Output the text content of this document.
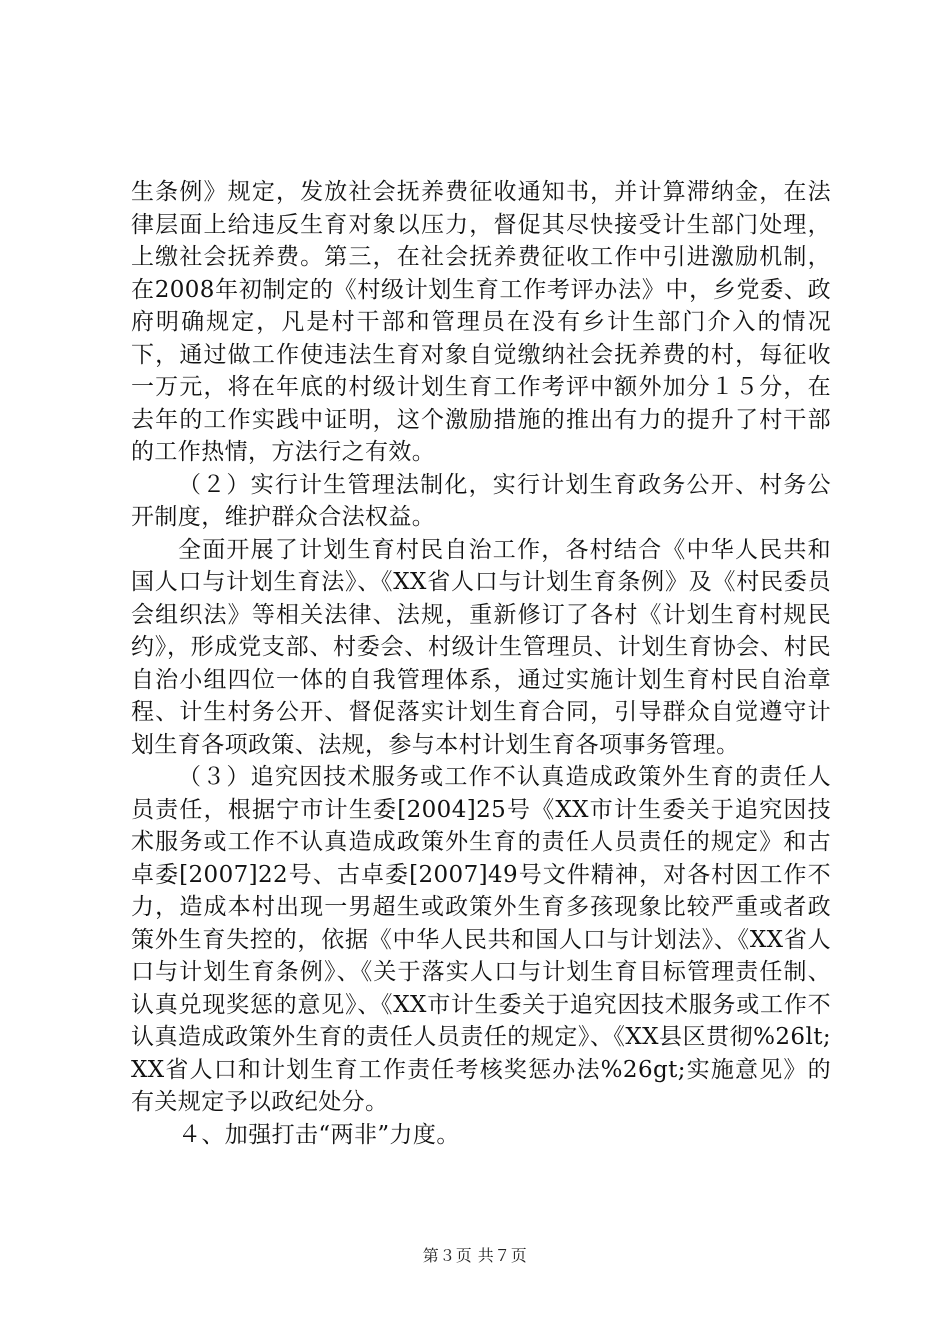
生条例》规定，发放社会抚养费征收通知书，并计算滞纳金，在法律层面上给违反生育对象以压力，督促其尽快接受计生部门处理，上缴社会抚养费。第三，在社会抚养费征收工作中引进激励机制，在2008年初制定的《村级计划生育工作考评办法》中，乡党委、政府明确规定，凡是村干部和管理员在没有乡计生部门介入的情况下，通过做工作使违法生育对象自觉缴纳社会抚养费的村，每征收一万元，将在年底的村级计划生育工作考评中额外加分１５分，在去年的工作实践中证明，这个激励措施的推出有力的提升了村干部的工作热情，方法行之有效。

（２）实行计生管理法制化，实行计划生育政务公开、村务公开制度，维护群众合法权益。

全面开展了计划生育村民自治工作，各村结合《中华人民共和国人口与计划生育法》、《XX省人口与计划生育条例》及《村民委员会组织法》等相关法律、法规，重新修订了各村《计划生育村规民约》，形成党支部、村委会、村级计生管理员、计划生育协会、村民自治小组四位一体的自我管理体系，通过实施计划生育村民自治章程、计生村务公开、督促落实计划生育合同，引导群众自觉遵守计划生育各项政策、法规，参与本村计划生育各项事务管理。

（３）追究因技术服务或工作不认真造成政策外生育的责任人员责任，根据宁市计生委[2004]25号《XX市计生委关于追究因技术服务或工作不认真造成政策外生育的责任人员责任的规定》和古卓委[2007]22号、古卓委[2007]49号文件精神，对各村因工作不力，造成本村出现一男超生或政策外生育多孩现象比较严重或者政策外生育失控的，依据《中华人民共和国人口与计划法》、《XX省人口与计划生育条例》、《关于落实人口与计划生育目标管理责任制、认真兑现奖惩的意见》、《XX市计生委关于追究因技术服务或工作不认真造成政策外生育的责任人员责任的规定》、《XX县区贯彻%26lt;XX省人口和计划生育工作责任考核奖惩办法%26gt;实施意见》的有关规定予以政纪处分。

４、加强打击“两非”力度。

第３页 共７页
